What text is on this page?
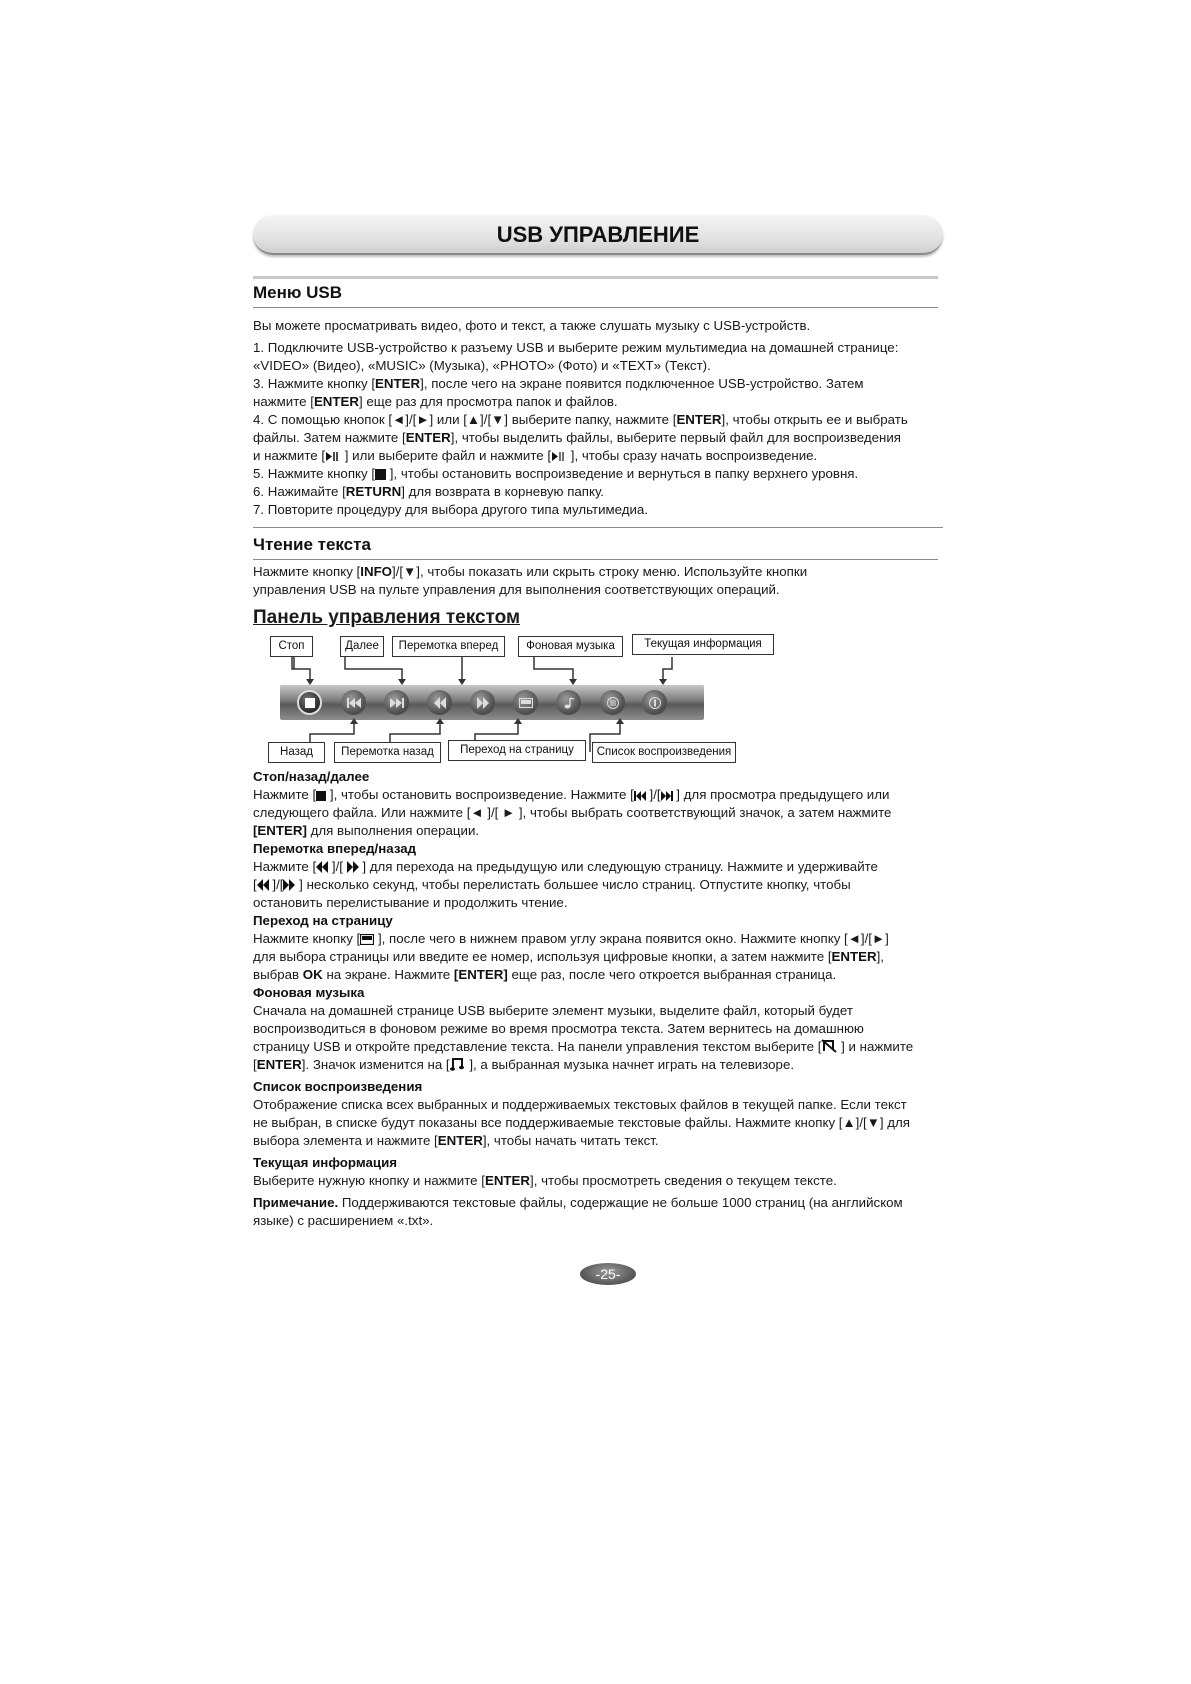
USB УПРАВЛЕНИЕ
Меню USB

Вы можете просматривать видео, фото и текст, а также слушать музыку с USB-устройств.

1. Подключите USB-устройство к разъему USB и выберите режим мультимедиа на домашней странице:

«VIDEO» (Видео), «MUSIC» (Музыка), «PHOTO» (Фото) и «TEXT» (Текст).

3. Нажмите кнопку [ENTER], после чего на экране появится подключенное USB-устройство. Затем

нажмите [ENTER] еще раз для просмотра папок и файлов.

4. С помощью кнопок [◄]/[►] или [▲]/[▼] выберите папку, нажмите [ENTER], чтобы открыть ее и выбрать

файлы. Затем нажмите [ENTER], чтобы выделить файлы, выберите первый файл для воспроизведения

и нажмите [ ] или выберите файл и нажмите [ ], чтобы сразу начать воспроизведение.

5. Нажмите кнопку [ ], чтобы остановить воспроизведение и вернуться в папку верхнего уровня.

6. Нажимайте [RETURN] для возврата в корневую папку.

7. Повторите процедуру для выбора другого типа мультимедиа.

Чтение текста

Нажмите кнопку [INFO]/[▼], чтобы показать или скрыть строку меню. Используйте кнопки

управления USB на пульте управления для выполнения соответствующих операций.

Панель управления текстом
Стоп	Далее	Перемотка вперед	Фоновая музыка	Текущая информация
Назад	Перемотка назад	Переход на страницу	Список воспроизведения

Стоп/назад/далее

Нажмите [ ], чтобы остановить воспроизведение. Нажмите [ ]/[ ] для просмотра предыдущего или

следующего файла. Или нажмите [◄ ]/[ ► ], чтобы выбрать соответствующий значок, а затем нажмите

[ENTER] для выполнения операции.

Перемотка вперед/назад

Нажмите [ ]/[  ] для перехода на предыдущую или следующую страницу. Нажмите и удерживайте

[ ]/[ ] несколько секунд, чтобы перелистать большее число страниц. Отпустите кнопку, чтобы

остановить перелистывание и продолжить чтение.

Переход на страницу

Нажмите кнопку [ ], после чего в нижнем правом углу экрана появится окно. Нажмите кнопку [◄]/[►]

для выбора страницы или введите ее номер, используя цифровые кнопки, а затем нажмите [ENTER],

выбрав OK на экране. Нажмите [ENTER] еще раз, после чего откроется выбранная страница.

Фоновая музыка

Сначала на домашней странице USB выберите элемент музыки, выделите файл, который будет

воспроизводиться в фоновом режиме во время просмотра текста. Затем вернитесь на домашнюю

страницу USB и откройте представление текста. На панели управления текстом выберите [ ] и нажмите

[ENTER]. Значок изменится на [ ], а выбранная музыка начнет играть на телевизоре.

Список воспроизведения

Отображение списка всех выбранных и поддерживаемых текстовых файлов в текущей папке. Если текст

не выбран, в списке будут показаны все поддерживаемые текстовые файлы. Нажмите кнопку [▲]/[▼] для

выбора элемента и нажмите [ENTER], чтобы начать читать текст.

Текущая информация

Выберите нужную кнопку и нажмите [ENTER], чтобы просмотреть сведения о текущем тексте.

Примечание. Поддерживаются текстовые файлы, содержащие не больше 1000 страниц (на английском

языке) с расширением «.txt».

-25-
